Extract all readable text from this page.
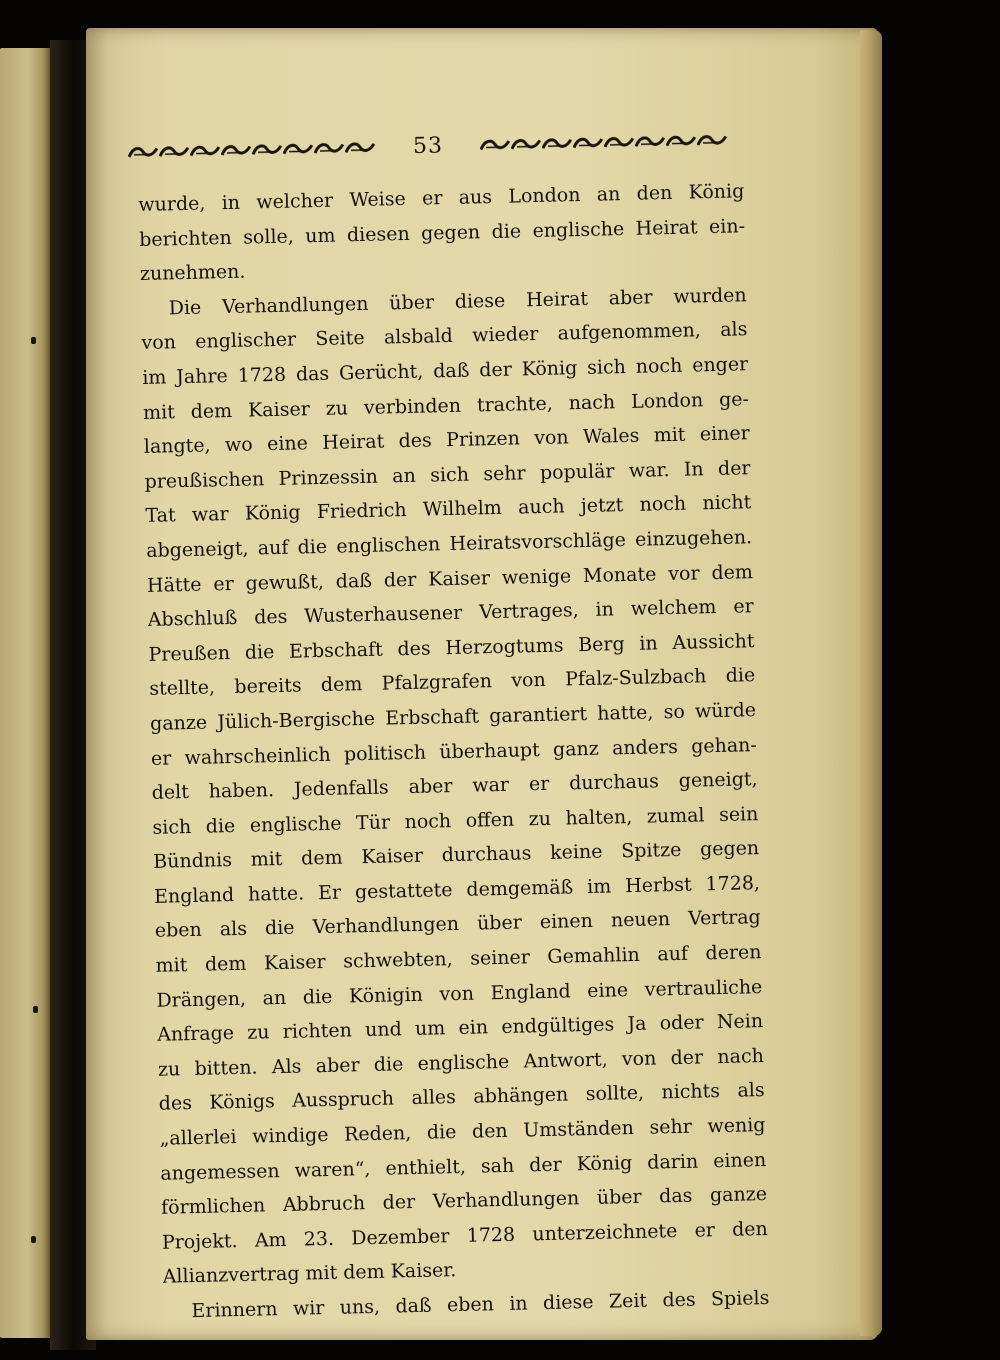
53
wurde, in welcher Weise er aus London an den König
berichten solle, um diesen gegen die englische Heirat ein-
zunehmen.
Die Verhandlungen über diese Heirat aber wurden
von englischer Seite alsbald wieder aufgenommen, als
im Jahre 1728 das Gerücht, daß der König sich noch enger
mit dem Kaiser zu verbinden trachte, nach London ge-
langte, wo eine Heirat des Prinzen von Wales mit einer
preußischen Prinzessin an sich sehr populär war. In der
Tat war König Friedrich Wilhelm auch jetzt noch nicht
abgeneigt, auf die englischen Heiratsvorschläge einzugehen.
Hätte er gewußt, daß der Kaiser wenige Monate vor dem
Abschluß des Wusterhausener Vertrages, in welchem er
Preußen die Erbschaft des Herzogtums Berg in Aussicht
stellte, bereits dem Pfalzgrafen von Pfalz-Sulzbach die
ganze Jülich-Bergische Erbschaft garantiert hatte, so würde
er wahrscheinlich politisch überhaupt ganz anders gehan-
delt haben. Jedenfalls aber war er durchaus geneigt,
sich die englische Tür noch offen zu halten, zumal sein
Bündnis mit dem Kaiser durchaus keine Spitze gegen
England hatte. Er gestattete demgemäß im Herbst 1728,
eben als die Verhandlungen über einen neuen Vertrag
mit dem Kaiser schwebten, seiner Gemahlin auf deren
Drängen, an die Königin von England eine vertrauliche
Anfrage zu richten und um ein endgültiges Ja oder Nein
zu bitten. Als aber die englische Antwort, von der nach
des Königs Ausspruch alles abhängen sollte, nichts als
„allerlei windige Reden, die den Umständen sehr wenig
angemessen waren“, enthielt, sah der König darin einen
förmlichen Abbruch der Verhandlungen über das ganze
Projekt. Am 23. Dezember 1728 unterzeichnete er den
Allianzvertrag mit dem Kaiser.
Erinnern wir uns, daß eben in diese Zeit des Spiels
